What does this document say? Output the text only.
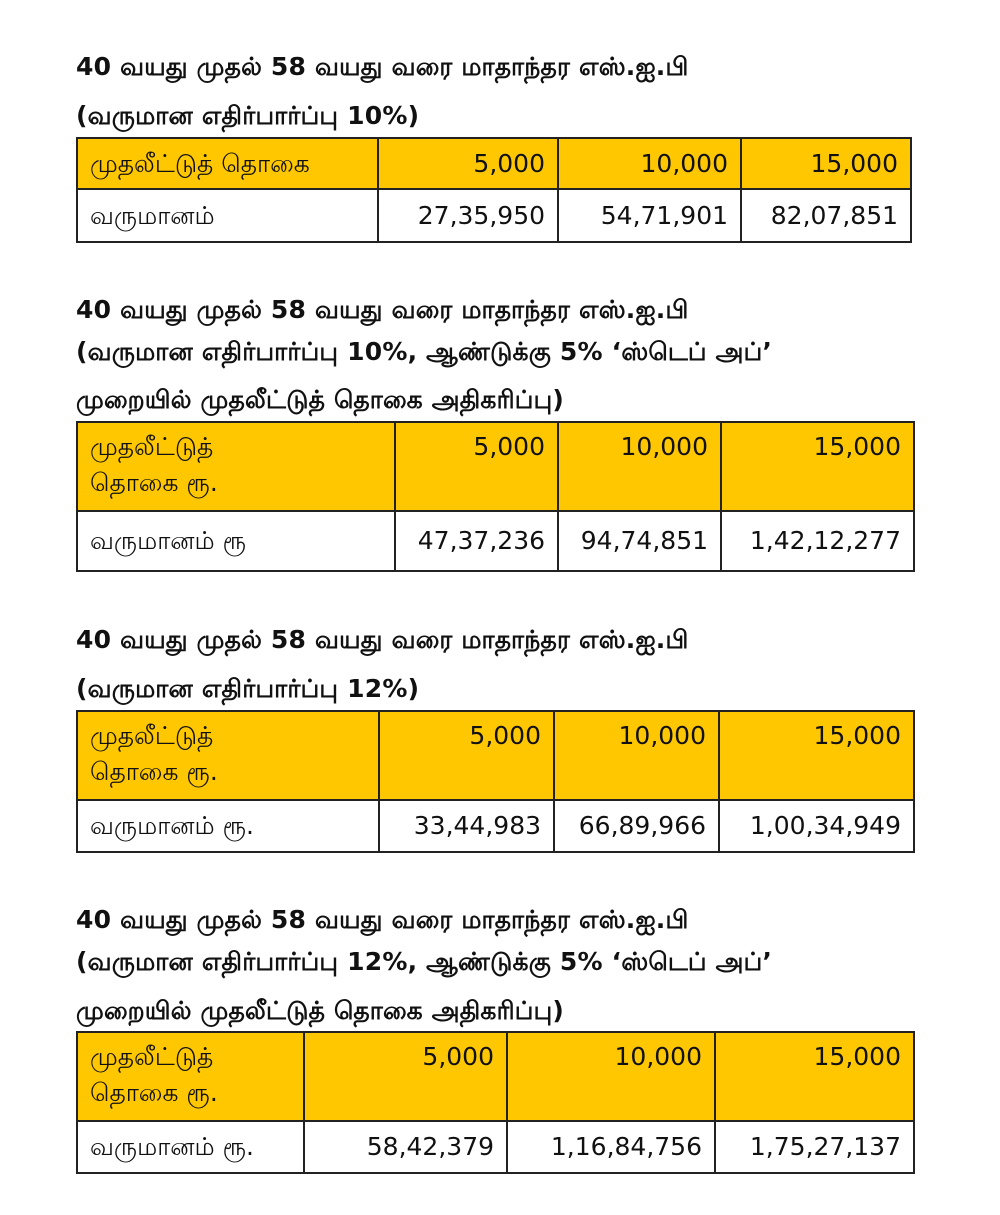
40 வயது முதல் 58 வயது வரை மாதாந்தர எஸ்.ஐ.பி
(வருமான எதிர்பார்ப்பு 10%)
முதலீட்டுத் தொகை	5,000	10,000	15,000
வருமானம்	27,35,950	54,71,901	82,07,851
40 வயது முதல் 58 வயது வரை மாதாந்தர எஸ்.ஐ.பி
(வருமான எதிர்பார்ப்பு 10%, ஆண்டுக்கு 5% ‘ஸ்டெப் அப்’
முறையில் முதலீட்டுத் தொகை அதிகரிப்பு)
முதலீட்டுத்
தொகை ரூ.	5,000	10,000	15,000
வருமானம் ரூ	47,37,236	94,74,851	1,42,12,277
40 வயது முதல் 58 வயது வரை மாதாந்தர எஸ்.ஐ.பி
(வருமான எதிர்பார்ப்பு 12%)
முதலீட்டுத்
தொகை ரூ.	5,000	10,000	15,000
வருமானம் ரூ.	33,44,983	66,89,966	1,00,34,949
40 வயது முதல் 58 வயது வரை மாதாந்தர எஸ்.ஐ.பி
(வருமான எதிர்பார்ப்பு 12%, ஆண்டுக்கு 5% ‘ஸ்டெப் அப்’
முறையில் முதலீட்டுத் தொகை அதிகரிப்பு)
முதலீட்டுத்
தொகை ரூ.	5,000	10,000	15,000
வருமானம் ரூ.	58,42,379	1,16,84,756	1,75,27,137
